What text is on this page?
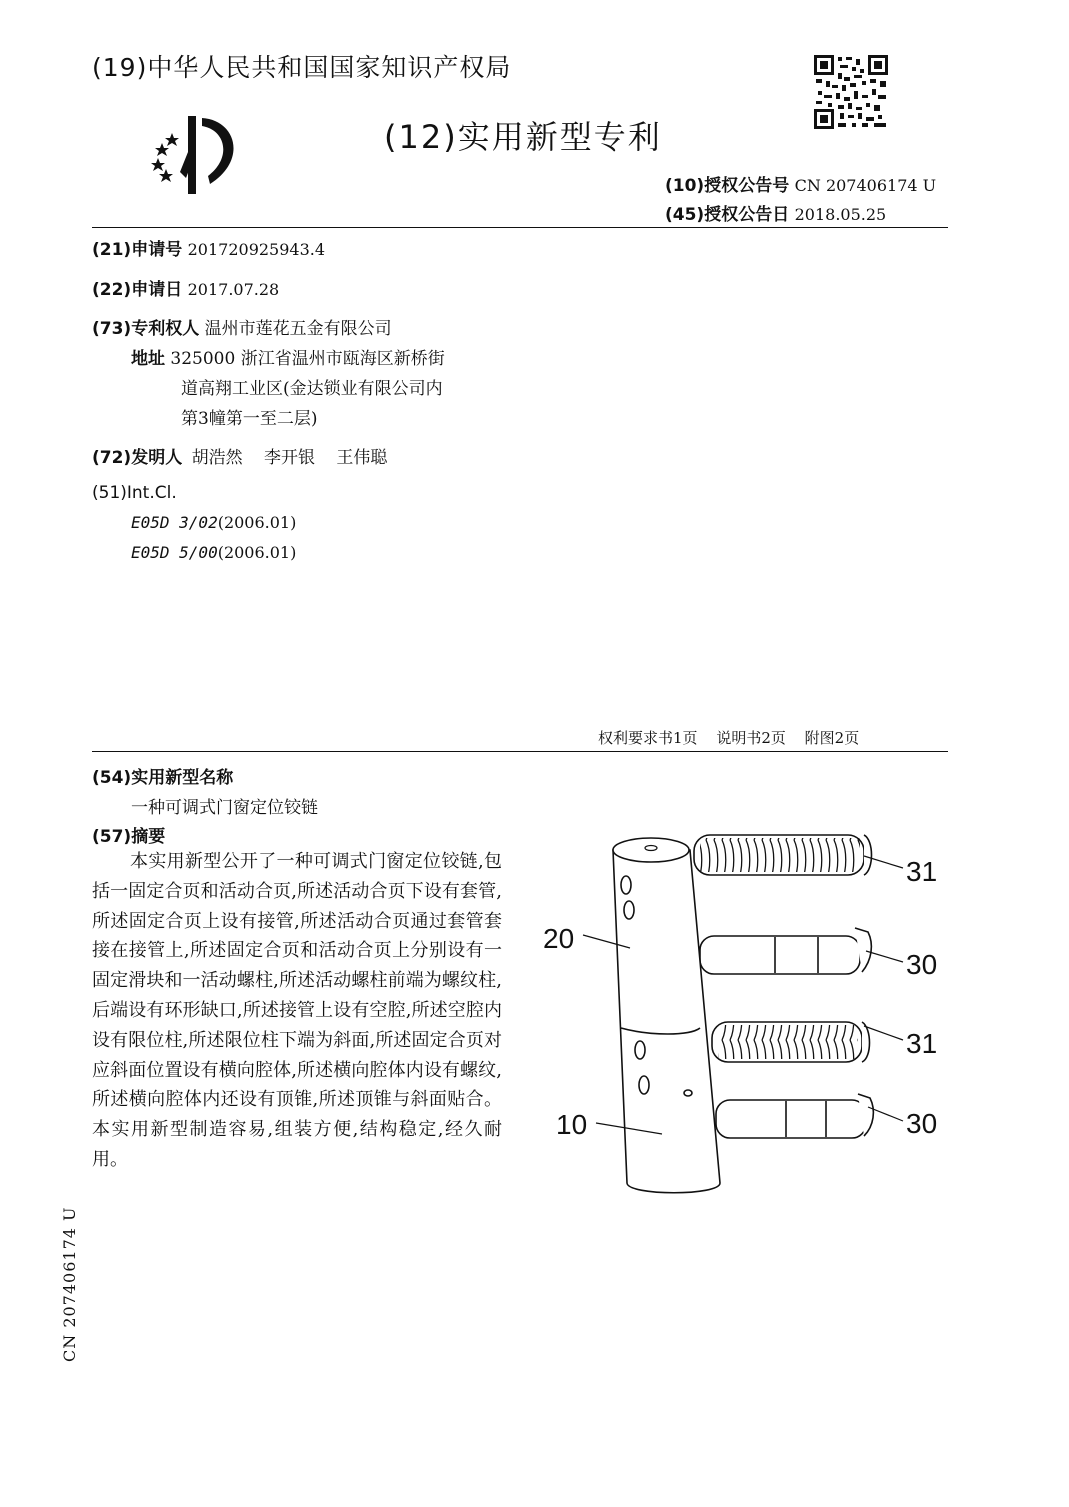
(19)中华人民共和国国家知识产权局
(12)实用新型专利
(10)授权公告号 CN 207406174 U
(45)授权公告日 2018.05.25
(21)申请号 201720925943.4
(22)申请日 2017.07.28
(73)专利权人 温州市莲花五金有限公司
地址 325000 浙江省温州市瓯海区新桥街
道高翔工业区(金达锁业有限公司内
第3幢第一至二层)
(72)发明人 胡浩然 李开银 王伟聪
(51)Int.Cl.
E05D 3/02(2006.01)
E05D 5/00(2006.01)
权利要求书1页 说明书2页 附图2页
(54)实用新型名称
一种可调式门窗定位铰链
(57)摘要
本实用新型公开了一种可调式门窗定位铰链,包括一固定合页和活动合页,所述活动合页下设有套管,所述固定合页上设有接管,所述活动合页通过套管套接在接管上,所述固定合页和活动合页上分别设有一固定滑块和一活动螺柱,所述活动螺柱前端为螺纹柱,后端设有环形缺口,所述接管上设有空腔,所述空腔内设有限位柱,所述限位柱下端为斜面,所述固定合页对应斜面位置设有横向腔体,所述横向腔体内设有螺纹,所述横向腔体内还设有顶锥,所述顶锥与斜面贴合。本实用新型制造容易,组装方便,结构稳定,经久耐用。
20
10
31
30
31
30
CN 207406174 U
